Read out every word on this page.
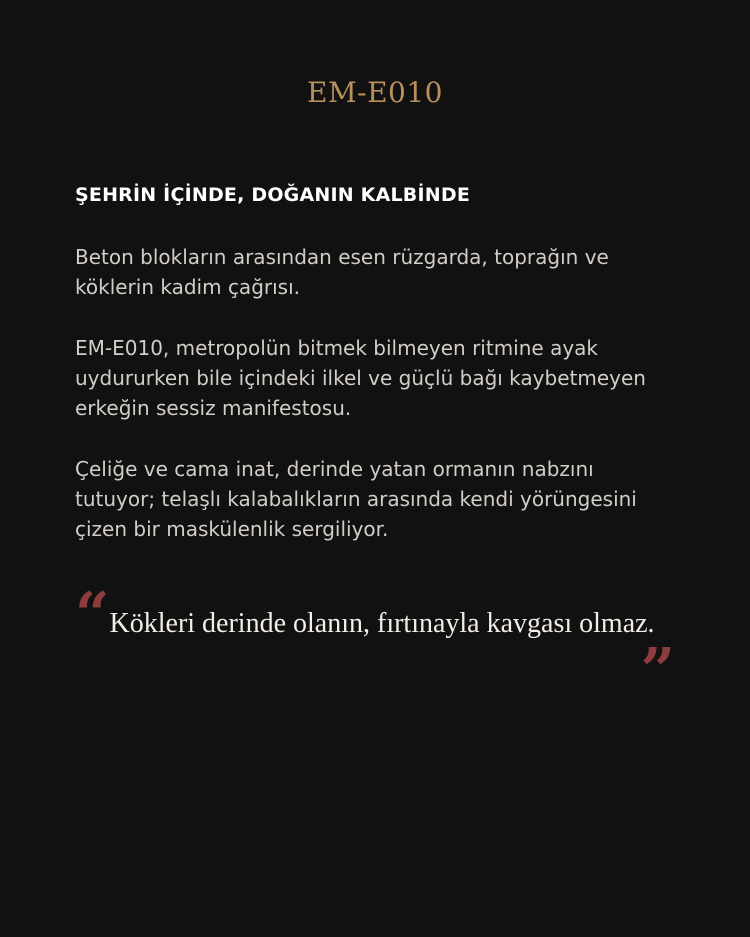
EM-E010

ŞEHRİN İÇİNDE, DOĞANIN KALBİNDE

Beton blokların arasından esen rüzgarda, toprağın ve köklerin kadim çağrısı.

EM-E010, metropolün bitmek bilmeyen ritmine ayak uydururken bile içindeki ilkel ve güçlü bağı kaybetmeyen erkeğin sessiz manifestosu.

Çeliğe ve cama inat, derinde yatan ormanın nabzını tutuyor; telaşlı kalabalıkların arasında kendi yörüngesini çizen bir maskülenlik sergiliyor.

“Kökleri derinde olanın, fırtınayla kavgası olmaz.

”
